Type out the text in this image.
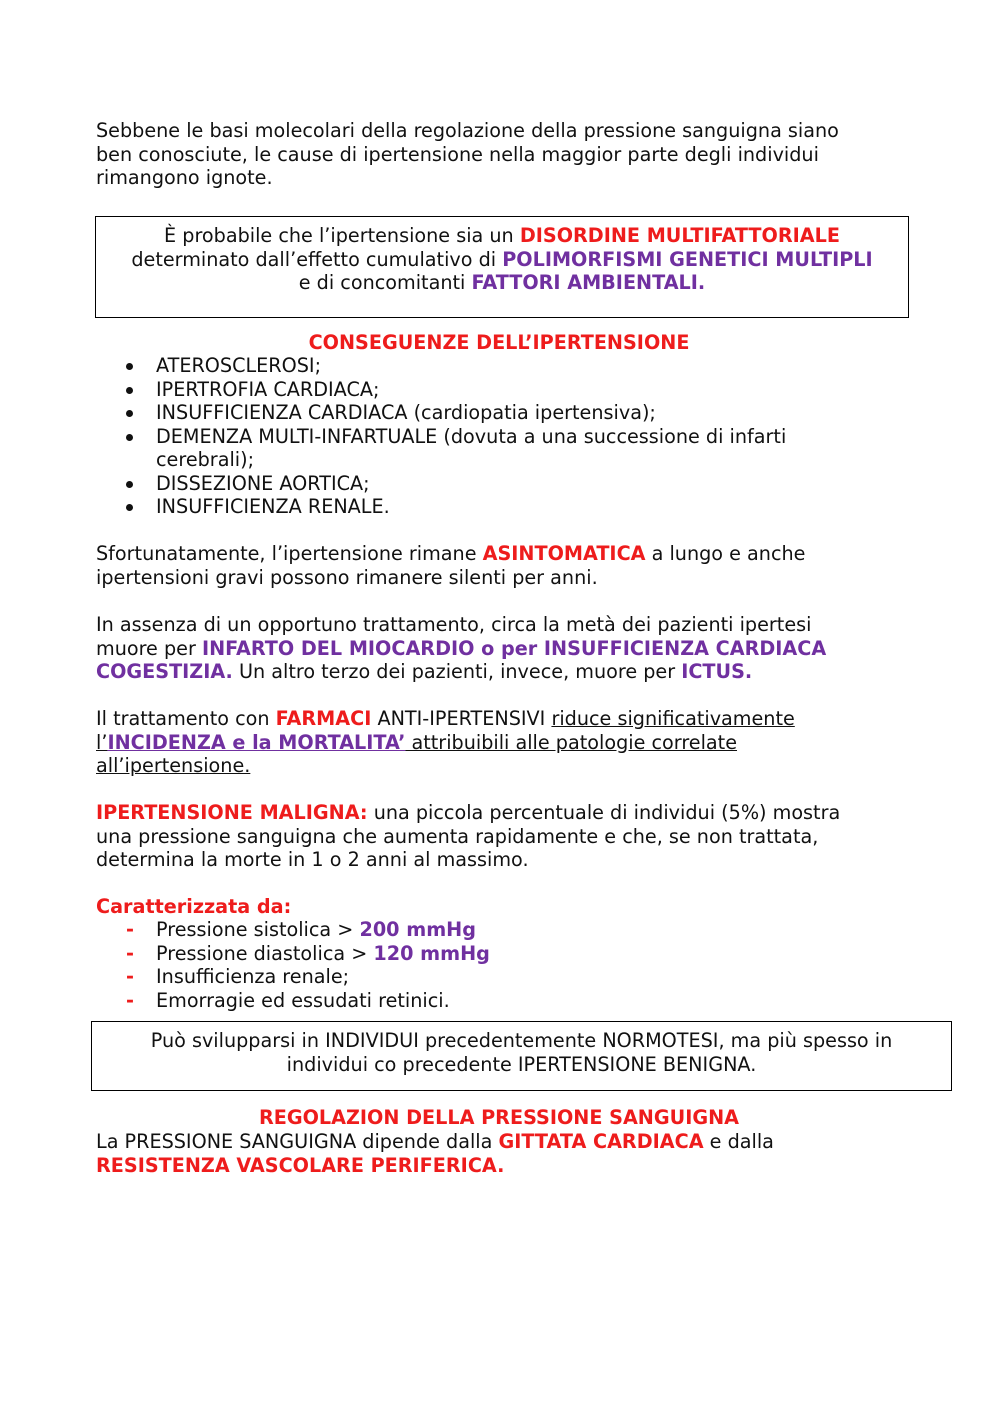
Sebbene le basi molecolari della regolazione della pressione sanguigna siano
ben conosciute, le cause di ipertensione nella maggior parte degli individui
rimangono ignote.

È probabile che l’ipertensione sia un DISORDINE MULTIFATTORIALE
determinato dall’effetto cumulativo di POLIMORFISMI GENETICI MULTIPLI
e di concomitanti FATTORI AMBIENTALI.

CONSEGUENZE DELL’IPERTENSIONE

ATEROSCLEROSI;
IPERTROFIA CARDIACA;
INSUFFICIENZA CARDIACA (cardiopatia ipertensiva);
DEMENZA MULTI-INFARTUALE (dovuta a una successione di infarti
cerebrali);
DISSEZIONE AORTICA;
INSUFFICIENZA RENALE.

Sfortunatamente, l’ipertensione rimane ASINTOMATICA a lungo e anche
ipertensioni gravi possono rimanere silenti per anni.

In assenza di un opportuno trattamento, circa la metà dei pazienti ipertesi
muore per INFARTO DEL MIOCARDIO o per INSUFFICIENZA CARDIACA
COGESTIZIA. Un altro terzo dei pazienti, invece, muore per ICTUS.

Il trattamento con FARMACI ANTI-IPERTENSIVI riduce significativamente
l’INCIDENZA e la MORTALITA’ attribuibili alle patologie correlate
all’ipertensione.

IPERTENSIONE MALIGNA: una piccola percentuale di individui (5%) mostra
una pressione sanguigna che aumenta rapidamente e che, se non trattata,
determina la morte in 1 o 2 anni al massimo.

Caratterizzata da:

- Pressione sistolica > 200 mmHg
- Pressione diastolica > 120 mmHg
- Insufficienza renale;
- Emorragie ed essudati retinici.
Può svilupparsi in INDIVIDUI precedentemente NORMOTESI, ma più spesso in
individui co precedente IPERTENSIONE BENIGNA.

REGOLAZION DELLA PRESSIONE SANGUIGNA

La PRESSIONE SANGUIGNA dipende dalla GITTATA CARDIACA e dalla
RESISTENZA VASCOLARE PERIFERICA.
